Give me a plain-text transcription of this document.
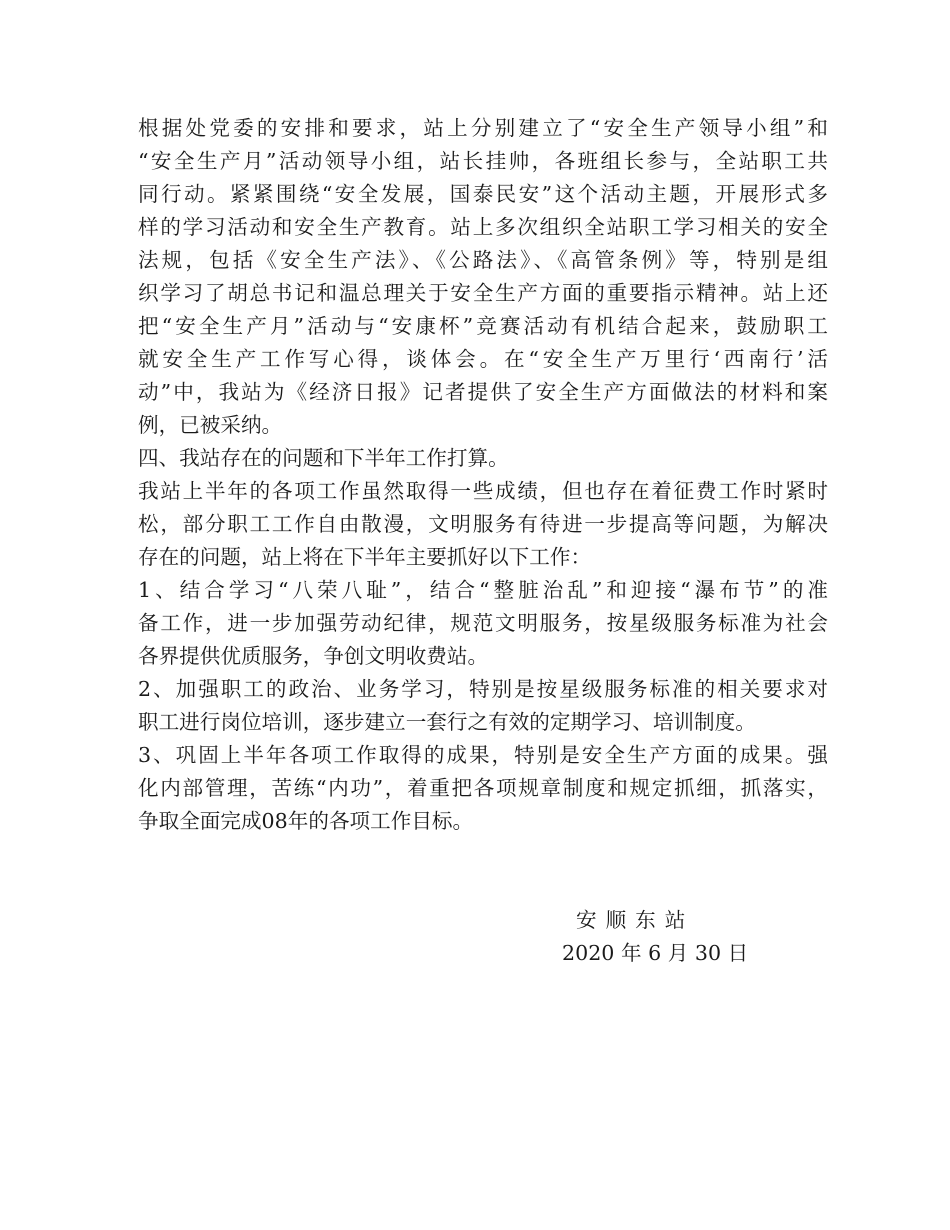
根据处党委的安排和要求，站上分别建立了“安全生产领导小组”和
“安全生产月”活动领导小组，站长挂帅，各班组长参与，全站职工共
同行动。紧紧围绕“安全发展，国泰民安”这个活动主题，开展形式多
样的学习活动和安全生产教育。站上多次组织全站职工学习相关的安全
法规，包括《安全生产法》、《公路法》、《高管条例》等，特别是组
织学习了胡总书记和温总理关于安全生产方面的重要指示精神。站上还
把“安全生产月”活动与“安康杯”竞赛活动有机结合起来，鼓励职工
就安全生产工作写心得，谈体会。在“安全生产万里行‘西南行’活
动”中，我站为《经济日报》记者提供了安全生产方面做法的材料和案
例，已被采纳。
四、我站存在的问题和下半年工作打算。
我站上半年的各项工作虽然取得一些成绩，但也存在着征费工作时紧时
松，部分职工工作自由散漫，文明服务有待进一步提高等问题，为解决
存在的问题，站上将在下半年主要抓好以下工作：
1、结合学习“八荣八耻”，结合“整脏治乱”和迎接“瀑布节”的准
备工作，进一步加强劳动纪律，规范文明服务，按星级服务标准为社会
各界提供优质服务，争创文明收费站。
2、加强职工的政治、业务学习，特别是按星级服务标准的相关要求对
职工进行岗位培训，逐步建立一套行之有效的定期学习、培训制度。
3、巩固上半年各项工作取得的成果，特别是安全生产方面的成果。强
化内部管理，苦练“内功”，着重把各项规章制度和规定抓细，抓落实，
争取全面完成08年的各项工作目标。
安顺东站
2020 年 6 月 30 日
